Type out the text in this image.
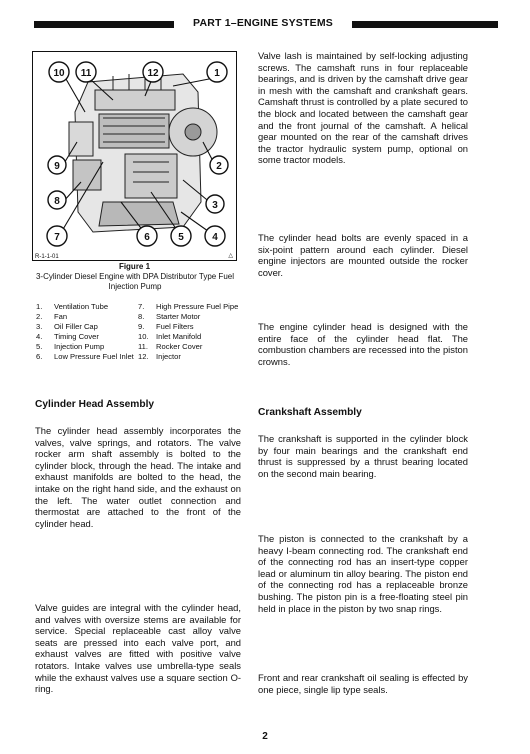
PART 1–ENGINE SYSTEMS
10 11	12	1
9	2
8	3
7	6	5	4
R-1-1-01	△
Figure 1
3-Cylinder Diesel Engine with DPA Distributor Type Fuel Injection Pump
1.	Ventilation Tube	7.	High Pressure Fuel Pipe
2.	Fan	8.	Starter Motor
3.	Oil Filler Cap	9.	Fuel Filters
4.	Timing Cover	10. Inlet Manifold
5.	Injection Pump	11.	Rocker Cover
6.	Low Pressure Fuel Inlet 12. Injector
Cylinder Head Assembly
The cylinder head assembly incorporates the valves, valve springs, and rotators. The valve rocker arm shaft assembly is bolted to the cylinder block, through the head. The intake and exhaust manifolds are bolted to the head, the intake on the right hand side, and the exhaust on the left. The water outlet connection and thermostat are attached to the front of the cylinder head.
Valve guides are integral with the cylinder head, and valves with oversize stems are available for service. Special replaceable cast alloy valve seats are pressed into each valve port, and exhaust valves are fitted with positive valve rotators. Intake valves use umbrella-type seals while the exhaust valves use a square section O-ring.
Valve lash is maintained by self-locking adjusting screws. The camshaft runs in four replaceable bearings, and is driven by the camshaft drive gear in mesh with the camshaft and crankshaft gears. Camshaft thrust is controlled by a plate secured to the block and located between the camshaft gear and the front journal of the camshaft. A helical gear mounted on the rear of the camshaft drives the tractor hydraulic system pump, optional on some tractor models.
The cylinder head bolts are evenly spaced in a six-point pattern around each cylinder. Diesel engine injectors are mounted outside the rocker cover.
The engine cylinder head is designed with the entire face of the cylinder head flat. The combustion chambers are recessed into the piston crowns.
Crankshaft Assembly
The crankshaft is supported in the cylinder block by four main bearings and the crankshaft end thrust is suppressed by a thrust bearing located on the second main bearing.
The piston is connected to the crankshaft by a heavy I-beam connecting rod. The crankshaft end of the connecting rod has an insert-type copper lead or aluminum tin alloy bearing. The piston end of the connecting rod has a replaceable bronze bushing. The piston pin is a free-floating steel pin held in place in the piston by two snap rings.
Front and rear crankshaft oil sealing is effected by one piece, single lip type seals.
2
